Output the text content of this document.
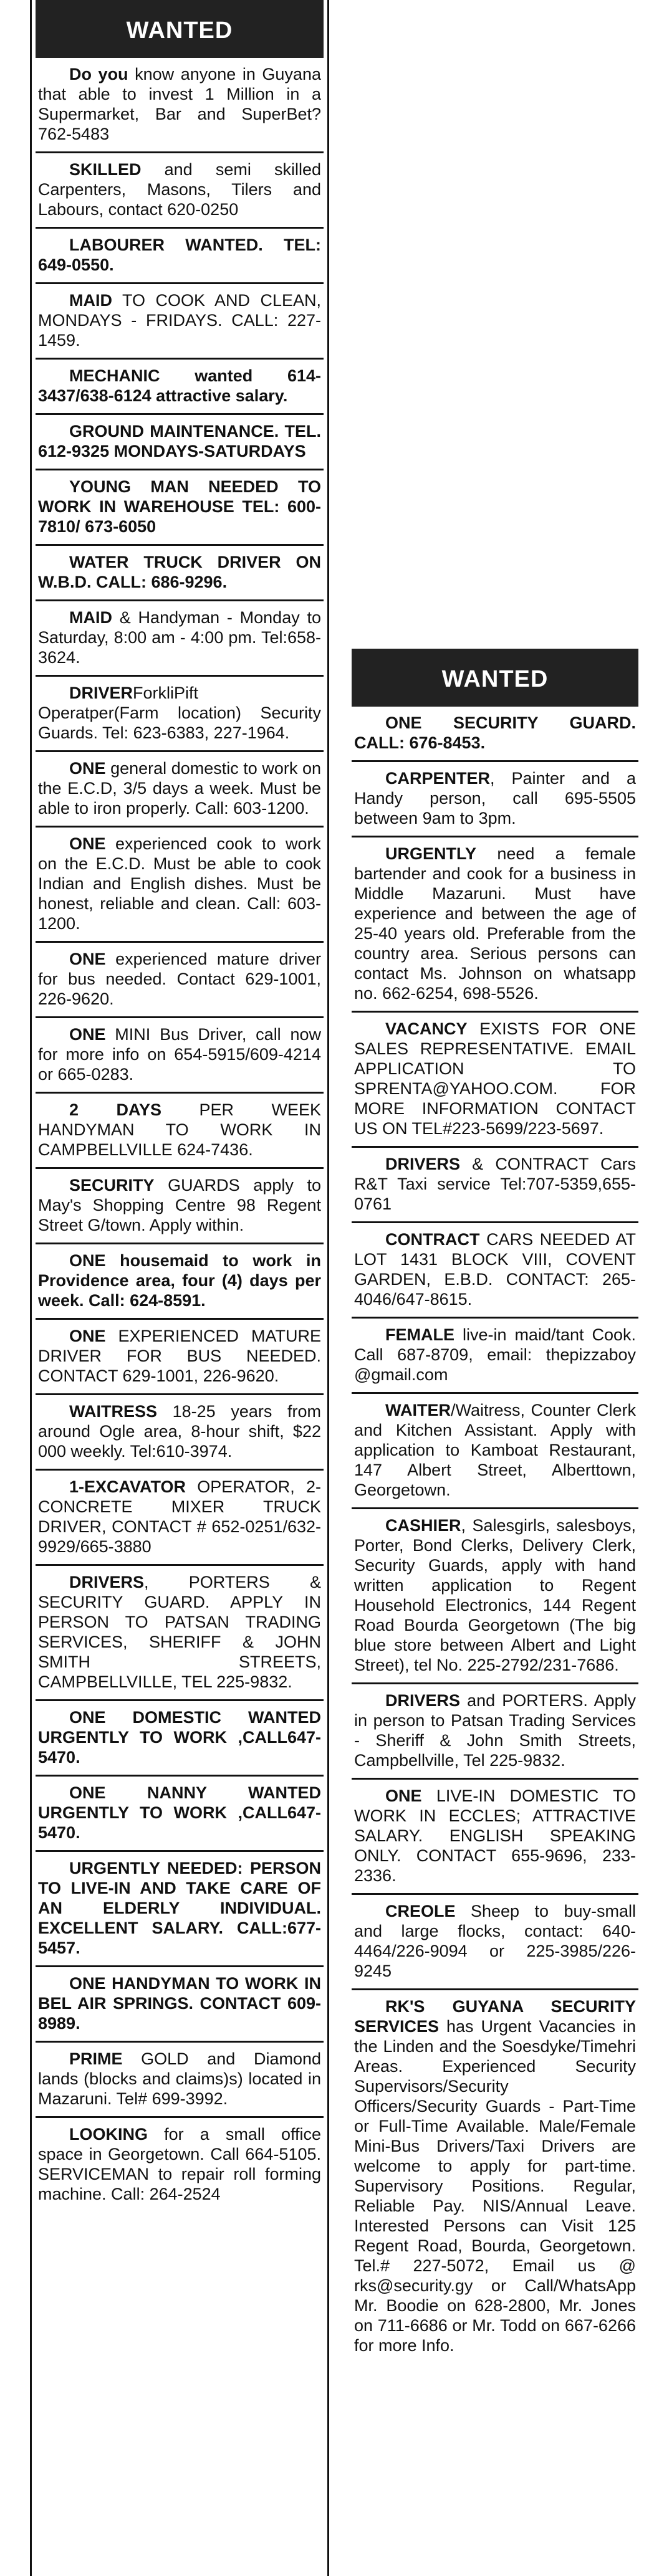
WANTED
Do you know anyone in Guyana that able to invest 1 Million in a Supermarket, Bar and SuperBet? 762-5483
SKILLED and semi skilled Carpenters, Masons, Tilers and Labours, contact 620-0250
LABOURER WANTED. TEL: 649-0550.
MAID TO COOK AND CLEAN, MONDAYS - FRIDAYS. CALL: 227-1459.
MECHANIC wanted 614-3437/638-6124 attractive salary.
GROUND MAINTENANCE. TEL. 612-9325 MONDAYS-SATURDAYS
YOUNG MAN NEEDED TO WORK IN WAREHOUSE TEL: 600-7810/ 673-6050
WATER TRUCK DRIVER ON W.B.D. CALL: 686-9296.
MAID & Handyman - Monday to Saturday, 8:00 am - 4:00 pm. Tel:658-3624.
DRIVERForkliPift Operatper(Farm location) Security Guards. Tel: 623-6383, 227-1964.
ONE general domestic to work on the E.C.D, 3/5 days a week. Must be able to iron properly. Call: 603-1200.
ONE experienced cook to work on the E.C.D. Must be able to cook Indian and English dishes. Must be honest, reliable and clean. Call: 603-1200.
ONE experienced mature driver for bus needed. Contact 629-1001, 226-9620.
ONE MINI Bus Driver, call now for more info on 654-5915/609-4214 or 665-0283.
2 DAYS PER WEEK HANDYMAN TO WORK IN CAMPBELLVILLE 624-7436.
SECURITY GUARDS apply to May's Shopping Centre 98 Regent Street G/town. Apply within.
ONE housemaid to work in Providence area, four (4) days per week. Call: 624-8591.
ONE EXPERIENCED MATURE DRIVER FOR BUS NEEDED. CONTACT 629-1001, 226-9620.
WAITRESS 18-25 years from around Ogle area, 8-hour shift, $22 000 weekly. Tel:610-3974.
1-EXCAVATOR OPERATOR, 2- CONCRETE MIXER TRUCK DRIVER, CONTACT # 652-0251/632-9929/665-3880
DRIVERS, PORTERS & SECURITY GUARD. APPLY IN PERSON TO PATSAN TRADING SERVICES, SHERIFF & JOHN SMITH STREETS, CAMPBELLVILLE, TEL 225-9832.
ONE DOMESTIC WANTED URGENTLY TO WORK ,CALL647-5470.
ONE NANNY WANTED URGENTLY TO WORK ,CALL647-5470.
URGENTLY NEEDED: PERSON TO LIVE-IN AND TAKE CARE OF AN ELDERLY INDIVIDUAL. EXCELLENT SALARY. CALL:677-5457.
ONE HANDYMAN TO WORK IN BEL AIR SPRINGS. CONTACT 609-8989.
PRIME GOLD and Diamond lands (blocks and claims)s) located in Mazaruni. Tel# 699-3992.
LOOKING for a small office space in Georgetown. Call 664-5105. SERVICEMAN to repair roll forming machine. Call: 264-2524
WANTED
ONE SECURITY GUARD. CALL: 676-8453.
CARPENTER, Painter and a Handy person, call 695-5505 between 9am to 3pm.
URGENTLY need a female bartender and cook for a business in Middle Mazaruni. Must have experience and between the age of 25-40 years old. Preferable from the country area. Serious persons can contact Ms. Johnson on whatsapp no. 662-6254, 698-5526.
VACANCY EXISTS FOR ONE SALES REPRESENTATIVE. EMAIL APPLICATION TO SPRENTA@YAHOO.COM. FOR MORE INFORMATION CONTACT US ON TEL#223-5699/223-5697.
DRIVERS & CONTRACT Cars R&T Taxi service Tel:707-5359,655-0761
CONTRACT CARS NEEDED AT LOT 1431 BLOCK VIII, COVENT GARDEN, E.B.D. CONTACT: 265-4046/647-8615.
FEMALE live-in maid/tant Cook. Call 687-8709, email: thepizzaboy @gmail.com
WAITER/Waitress, Counter Clerk and Kitchen Assistant. Apply with application to Kamboat Restaurant, 147 Albert Street, Alberttown, Georgetown.
CASHIER, Salesgirls, salesboys, Porter, Bond Clerks, Delivery Clerk, Security Guards, apply with hand written application to Regent Household Electronics, 144 Regent Road Bourda Georgetown (The big blue store between Albert and Light Street), tel No. 225-2792/231-7686.
DRIVERS and PORTERS. Apply in person to Patsan Trading Services - Sheriff & John Smith Streets, Campbellville, Tel 225-9832.
ONE LIVE-IN DOMESTIC TO WORK IN ECCLES; ATTRACTIVE SALARY. ENGLISH SPEAKING ONLY. CONTACT 655-9696, 233-2336.
CREOLE Sheep to buy-small and large flocks, contact: 640-4464/226-9094 or 225-3985/226-9245
RK'S GUYANA SECURITY SERVICES has Urgent Vacancies in the Linden and the Soesdyke/Timehri Areas. Experienced Security Supervisors/Security Officers/Security Guards - Part-Time or Full-Time Available. Male/Female Mini-Bus Drivers/Taxi Drivers are welcome to apply for part-time. Supervisory Positions. Regular, Reliable Pay. NIS/Annual Leave. Interested Persons can Visit 125 Regent Road, Bourda, Georgetown. Tel.# 227-5072, Email us @ rks@security.gy or Call/WhatsApp Mr. Boodie on 628-2800, Mr. Jones on 711-6686 or Mr. Todd on 667-6266 for more Info.
